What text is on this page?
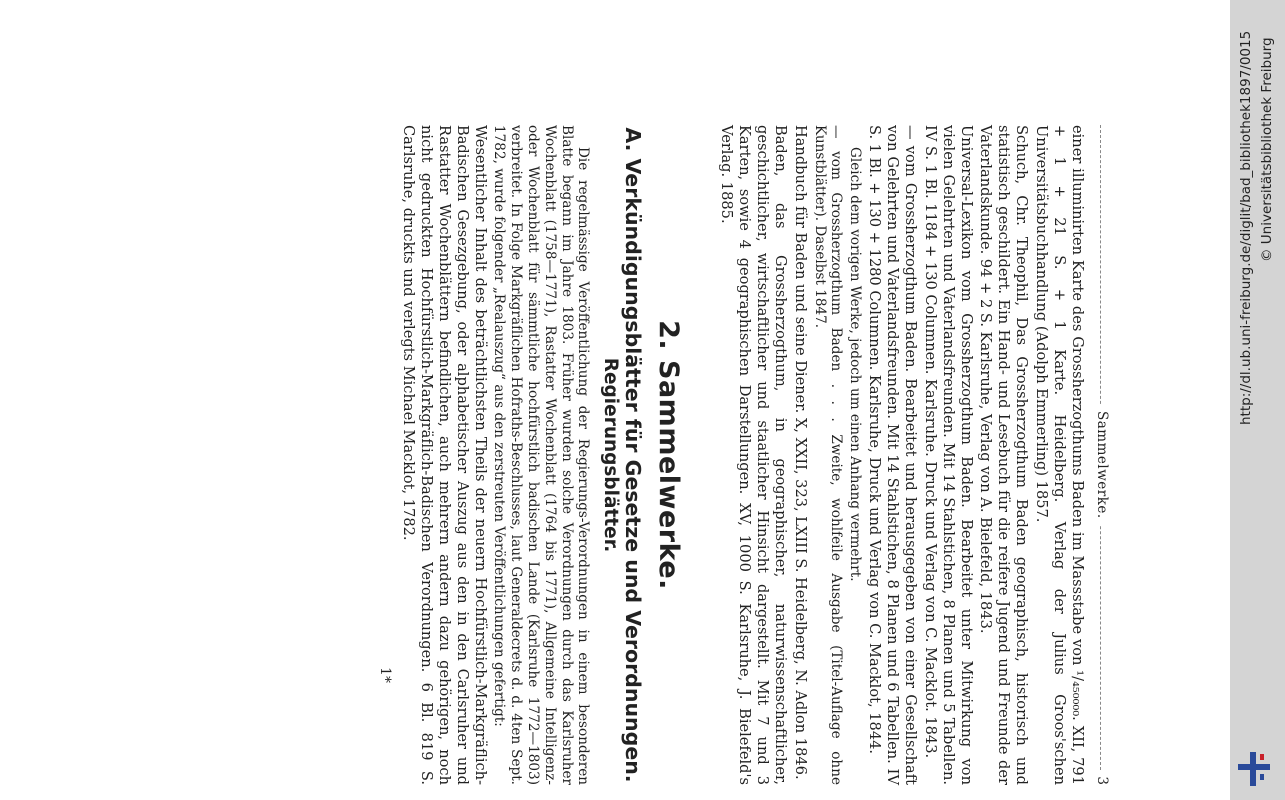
Sammelwerke.
3

einer illuminirten Karte des Grossherzogthums Baden im Massstabe von ¹/₄₅₀₀₀₀. XII, 791 + 1 + 21 S. + 1 Karte. Heidelberg. Verlag der Julius Groos'schen Universitätsbuchhandlung (Adolph Emmerling) 1857.

Schuch, Chr. Theophil, Das Grossherzogthum Baden geographisch, historisch und statistisch geschildert. Ein Hand- und Lesebuch für die reifere Jugend und Freunde der Vaterlandskunde. 94 + 2 S. Karlsruhe, Verlag von A. Bielefeld, 1843.

Universal-Lexikon vom Grossherzogthum Baden. Bearbeitet unter Mitwirkung von vielen Gelehrten und Vaterlandsfreunden. Mit 14 Stahlstichen, 8 Planen und 5 Tabellen. IV S. 1 Bl. 1184 + 130 Columnen. Karlsruhe. Druck und Verlag von C. Macklot. 1843.

— vom Grossherzogthum Baden. Bearbeitet und herausgegeben von einer Gesellschaft von Gelehrten und Vaterlandsfreunden. Mit 14 Stahlstichen, 8 Planen und 6 Tabellen. IV S. 1 Bl. + 130 + 1280 Columnen. Karlsruhe, Druck und Verlag von C. Macklot, 1844.

Gleich dem vorigen Werke, jedoch um einen Anhang vermehrt.

— vom Grossherzogthum Baden . . . Zweite, wohlfeile Ausgabe (Titel-Auflage ohne Kunstblätter). Daselbst 1847.

Handbuch für Baden und seine Diener. X, XXII, 323, LXIII S. Heidelberg, N. Adlon 1846.

Baden, das Grossherzogthum, in geographischer, naturwissenschaftlicher, geschichtlicher, wirtschaftlicher und staatlicher Hinsicht dargestellt. Mit 7 und 3 Karten, sowie 4 geographischen Darstellungen. XV, 1000 S. Karlsruhe, J. Bielefeld's Verlag. 1885.

2. Sammelwerke.
A. Verkündigungsblätter für Gesetze und Verordnungen.
Regierungsblätter.

Die regelmässige Veröffentlichung der Regierungs-Verordnungen in einem besonderen Blatte begann im Jahre 1803. Früher wurden solche Verordnungen durch das Karlsruher Wochenblatt (1758—1771), Rastatter Wochenblatt (1764 bis 1771), Allgemeine Intelligenz- oder Wochenblatt für sämmtliche hochfürstlich badischen Lande (Karlsruhe 1772—1803) verbreitet. In Folge Markgräflichen Hofraths-Beschlusses, laut Generaldecrets d. d. 4ten Sept. 1782, wurde folgender „Realauszug“ aus den zerstreuten Veröffentlichungen gefertigt:

Wesentlicher Inhalt des beträchtlichsten Theils der neuern Hochfürstlich-Markgräflich-Badischen Gesezgebung, oder alphabetischer Auszug aus den in den Carlsruher und Rastatter Wochenblättern befindlichen, auch mehrern andern dazu gehörigen, noch nicht gedruckten Hochfürstlich-Markgräflich-Badischen Verordnungen. 6 Bl. 819 S. Carlsruhe, druckts und verlegts Michael Macklot, 1782.

1*
http://dl.ub.uni-freiburg.de/diglit/bad_bibliothek1897/0015 © Universitätsbibliothek Freiburg
